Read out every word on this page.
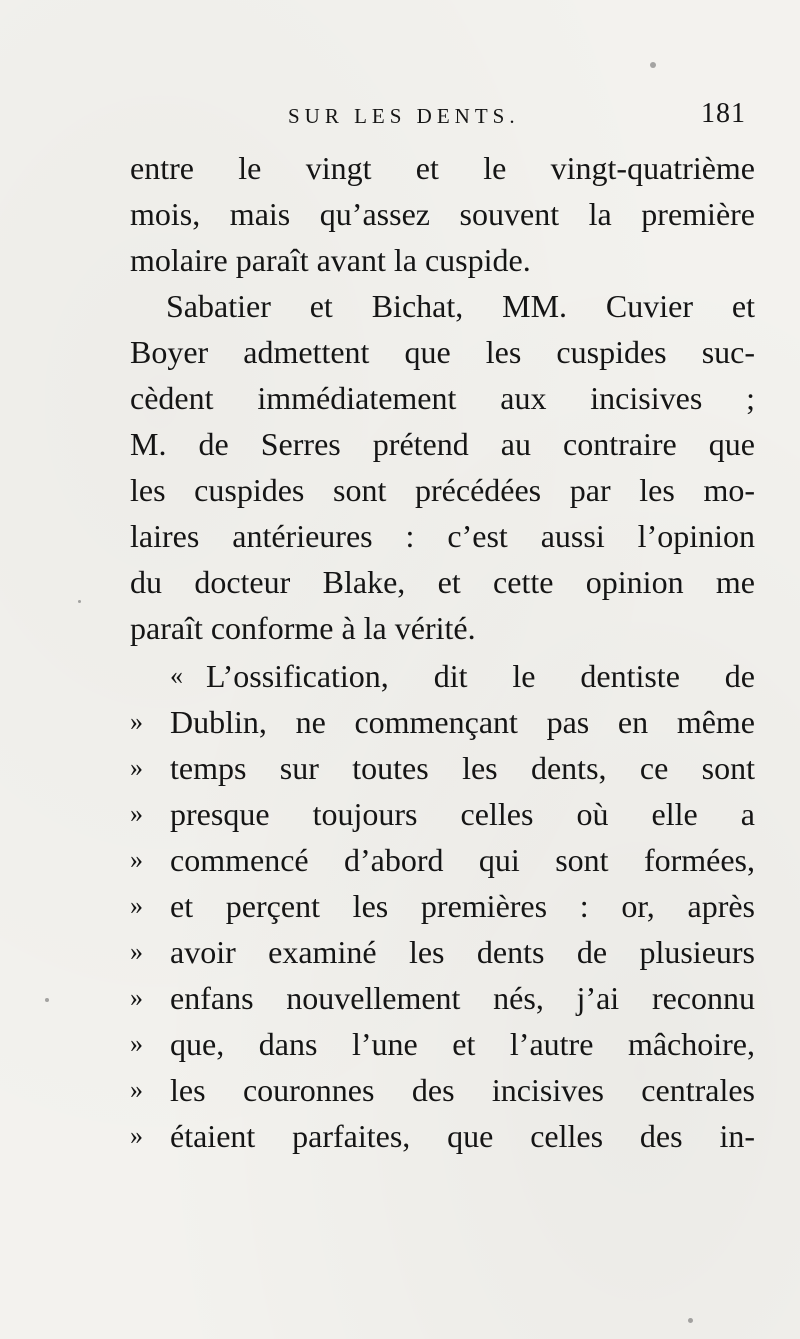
SUR LES DENTS.	181
entre le vingt et le vingt-quatrième
mois, mais qu’assez souvent la première
molaire paraît avant la cuspide.
Sabatier et Bichat, MM. Cuvier et
Boyer admettent que les cuspides suc-
cèdent immédiatement aux incisives ;
M. de Serres prétend au contraire que
les cuspides sont précédées par les mo-
laires antérieures : c’est aussi l’opinion
du docteur Blake, et cette opinion me
paraît conforme à la vérité.
« L’ossification, dit le dentiste de
» Dublin, ne commençant pas en même
» temps sur toutes les dents, ce sont
» presque toujours celles où elle a
» commencé d’abord qui sont formées,
» et perçent les premières : or, après
» avoir examiné les dents de plusieurs
» enfans nouvellement nés, j’ai reconnu
» que, dans l’une et l’autre mâchoire,
» les couronnes des incisives centrales
» étaient parfaites, que celles des in-
